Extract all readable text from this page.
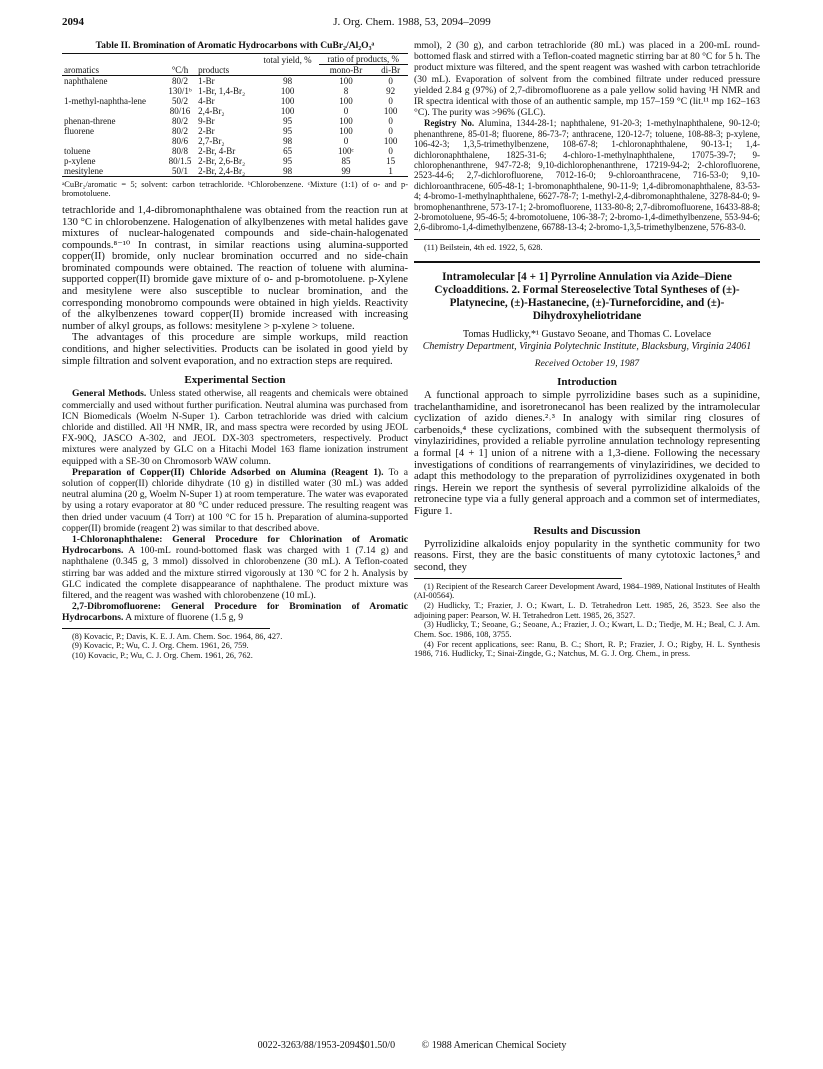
2094	J. Org. Chem. 1988, 53, 2094–2099
Table II. Bromination of Aromatic Hydrocarbons with CuBr₂/Al₂O₃ᵃ
			total yield, %	ratio of products, %	

aromatics	°C/h	products		mono-Br	di-Br
naphthalene	80/2	1-Br	98	100	0
	130/1ᵇ	1-Br, 1,4-Br₂	100	8	92
1-methyl-naphtha-lene	50/2	4-Br	100	100	0
	80/16	2,4-Br₂	100	0	100
phenan-threne	80/2	9-Br	95	100	0
fluorene	80/2	2-Br	95	100	0
	80/6	2,7-Br₂	98	0	100
toluene	80/8	2-Br, 4-Br	65	100ᶜ	0
p-xylene	80/1.5	2-Br, 2,6-Br₂	95	85	15
mesitylene	50/1	2-Br, 2,4-Br₂	98	99	1

ᵃCuBr₂/aromatic = 5; solvent: carbon tetrachloride. ᵇChlorobenzene. ᶜMixture (1:1) of o- and p-bromotoluene.

tetrachloride and 1,4-dibromonaphthalene was obtained from the reaction run at 130 °C in chlorobenzene. Halogenation of alkylbenzenes with metal halides gave mixtures of nuclear-halogenated compounds and side-chain-halogenated compounds.⁸⁻¹⁰ In contrast, in similar reactions using alumina-supported copper(II) bromide, only nuclear bromination occurred and no side-chain brominated compounds were obtained. The reaction of toluene with alumina-supported copper(II) bromide gave mixture of o- and p-bromotoluene. p-Xylene and mesitylene were also susceptible to nuclear bromination, and the corresponding monobromo compounds were obtained in high yields. Reactivity of the alkylbenzenes toward copper(II) bromide increased with increasing number of alkyl groups, as follows: mesitylene > p-xylene > toluene.

The advantages of this procedure are simple workups, mild reaction conditions, and higher selectivities. Products can be isolated in good yield by simple filtration and solvent evaporation, and no extraction steps are required.

Experimental Section

General Methods. Unless stated otherwise, all reagents and chemicals were obtained commercially and used without further purification. Neutral alumina was purchased from ICN Biomedicals (Woelm N-Super 1). Carbon tetrachloride was dried with calcium chloride and distilled. All ¹H NMR, IR, and mass spectra were recorded by using JEOL FX-90Q, JASCO A-302, and JEOL DX-303 spectrometers, respectively. Product mixtures were analyzed by GLC on a Hitachi Model 163 flame ionization instrument equipped with a SE-30 on Chromosorb WAW column.

Preparation of Copper(II) Chloride Adsorbed on Alumina (Reagent 1). To a solution of copper(II) chloride dihydrate (10 g) in distilled water (30 mL) was added neutral alumina (20 g, Woelm N-Super 1) at room temperature. The water was evaporated by using a rotary evaporator at 80 °C under reduced pressure. The resulting reagent was then dried under vacuum (4 Torr) at 100 °C for 15 h. Preparation of alumina-supported copper(II) bromide (reagent 2) was similar to that described above.

1-Chloronaphthalene: General Procedure for Chlorination of Aromatic Hydrocarbons. A 100-mL round-bottomed flask was charged with 1 (7.14 g) and naphthalene (0.345 g, 3 mmol) dissolved in chlorobenzene (30 mL). A Teflon-coated stirring bar was added and the mixture stirred vigorously at 130 °C for 2 h. Analysis by GLC indicated the complete disappearance of naphthalene. The product mixture was filtered, and the reagent was washed with chlorobenzene (10 mL).

2,7-Dibromofluorene: General Procedure for Bromination of Aromatic Hydrocarbons. A mixture of fluorene (1.5 g, 9

(8) Kovacic, P.; Davis, K. E. J. Am. Chem. Soc. 1964, 86, 427.

(9) Kovacic, P.; Wu, C. J. Org. Chem. 1961, 26, 759.

(10) Kovacic, P.; Wu, C. J. Org. Chem. 1961, 26, 762.

mmol), 2 (30 g), and carbon tetrachloride (80 mL) was placed in a 200-mL round-bottomed flask and stirred with a Teflon-coated magnetic stirring bar at 80 °C for 5 h. The product mixture was filtered, and the spent reagent was washed with carbon tetrachloride (30 mL). Evaporation of solvent from the combined filtrate under reduced pressure yielded 2.84 g (97%) of 2,7-dibromofluorene as a pale yellow solid having ¹H NMR and IR spectra identical with those of an authentic sample, mp 157–159 °C (lit.¹¹ mp 162–163 °C). The purity was >96% (GLC).

Registry No. Alumina, 1344-28-1; naphthalene, 91-20-3; 1-methylnaphthalene, 90-12-0; phenanthrene, 85-01-8; fluorene, 86-73-7; anthracene, 120-12-7; toluene, 108-88-3; p-xylene, 106-42-3; 1,3,5-trimethylbenzene, 108-67-8; 1-chloronaphthalene, 90-13-1; 1,4-dichloronaphthalene, 1825-31-6; 4-chloro-1-methylnaphthalene, 17075-39-7; 9-chlorophenanthrene, 947-72-8; 9,10-dichlorophenanthrene, 17219-94-2; 2-chlorofluorene, 2523-44-6; 2,7-dichlorofluorene, 7012-16-0; 9-chloroanthracene, 716-53-0; 9,10-dichloroanthracene, 605-48-1; 1-bromonaphthalene, 90-11-9; 1,4-dibromonaphthalene, 83-53-4; 4-bromo-1-methylnaphthalene, 6627-78-7; 1-methyl-2,4-dibromonaphthalene, 3278-84-0; 9-bromophenanthrene, 573-17-1; 2-bromofluorene, 1133-80-8; 2,7-dibromofluorene, 16433-88-8; 2-bromotoluene, 95-46-5; 4-bromotoluene, 106-38-7; 2-bromo-1,4-dimethylbenzene, 553-94-6; 2,6-dibromo-1,4-dimethylbenzene, 66788-13-4; 2-bromo-1,3,5-trimethylbenzene, 576-83-0.

(11) Beilstein, 4th ed. 1922, 5, 628.

Intramolecular [4 + 1] Pyrroline Annulation via Azide–Diene Cycloadditions. 2. Formal Stereoselective Total Syntheses of (±)-Platynecine, (±)-Hastanecine, (±)-Turneforcidine, and (±)-Dihydroxyheliotridane
Tomas Hudlicky,*¹ Gustavo Seoane, and Thomas C. Lovelace
Chemistry Department, Virginia Polytechnic Institute, Blacksburg, Virginia 24061
Received October 19, 1987
Introduction

A functional approach to simple pyrrolizidine bases such as a supinidine, trachelanthamidine, and isoretronecanol has been realized by the intramolecular cyclization of azido dienes.²˒³ In analogy with similar ring closures of carbenoids,⁴ these cyclizations, combined with the subsequent thermolysis of vinylaziridines, provided a reliable pyrroline annulation technology representing a formal [4 + 1] union of a nitrene with a 1,3-diene. Following the necessary investigations of conditions of rearrangements of vinylaziridines, we decided to adapt this methodology to the preparation of pyrrolizidines oxygenated in both rings. Herein we report the synthesis of several pyrrolizidine alkaloids of the retronecine type via a fully general approach and a common set of intermediates, Figure 1.

Results and Discussion

Pyrrolizidine alkaloids enjoy popularity in the synthetic community for two reasons. First, they are the basic constituents of many cytotoxic lactones,⁵ and second, they

(1) Recipient of the Research Career Development Award, 1984–1989, National Institutes of Health (AI-00564).

(2) Hudlicky, T.; Frazier, J. O.; Kwart, L. D. Tetrahedron Lett. 1985, 26, 3523. See also the adjoining paper: Pearson, W. H. Tetrahedron Lett. 1985, 26, 3527.

(3) Hudlicky, T.; Seoane, G.; Seoane, A.; Frazier, J. O.; Kwart, L. D.; Tiedje, M. H.; Beal, C. J. Am. Chem. Soc. 1986, 108, 3755.

(4) For recent applications, see: Ranu, B. C.; Short, R. P.; Frazier, J. O.; Rigby, H. L. Synthesis 1986, 716. Hudlicky, T.; Sinai-Zingde, G.; Natchus, M. G. J. Org. Chem., in press.

0022-3263/88/1953-2094$01.50/0	© 1988 American Chemical Society
